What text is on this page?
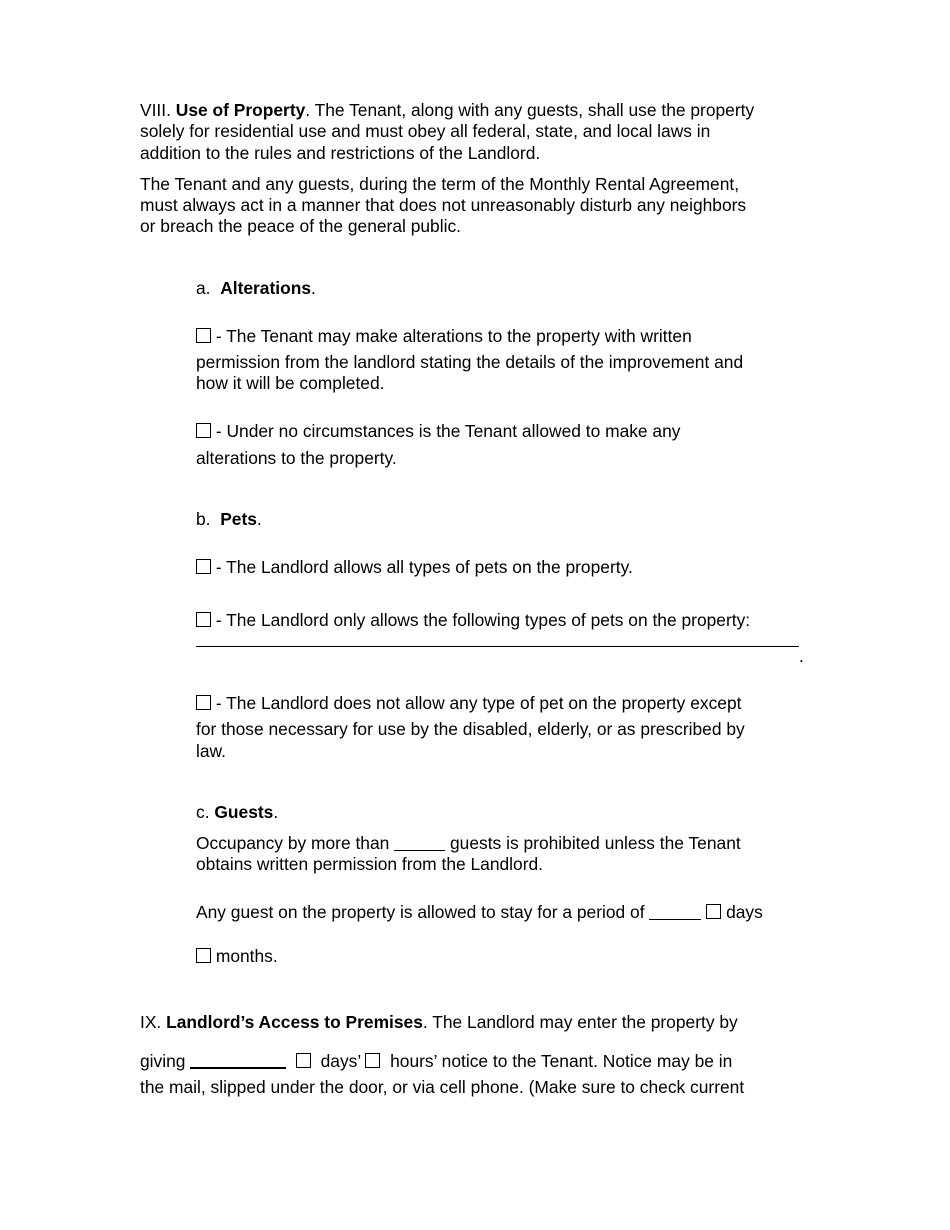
VIII. Use of Property. The Tenant, along with any guests, shall use the property
solely for residential use and must obey all federal, state, and local laws in
addition to the rules and restrictions of the Landlord.
The Tenant and any guests, during the term of the Monthly Rental Agreement,
must always act in a manner that does not unreasonably disturb any neighbors
or breach the peace of the general public.
a. Alterations.
- The Tenant may make alterations to the property with written
permission from the landlord stating the details of the improvement and
how it will be completed.
- Under no circumstances is the Tenant allowed to make any
alterations to the property.
b. Pets.
- The Landlord allows all types of pets on the property.
- The Landlord only allows the following types of pets on the property:
.
- The Landlord does not allow any type of pet on the property except
for those necessary for use by the disabled, elderly, or as prescribed by
law.
c. Guests.
Occupancy by more than	guests is prohibited unless the Tenant
obtains written permission from the Landlord.
Any guest on the property is allowed to stay for a period of	days
months.
IX. Landlord’s Access to Premises. The Landlord may enter the property by
giving	days’ hours’ notice to the Tenant. Notice may be in
the mail, slipped under the door, or via cell phone. (Make sure to check current
